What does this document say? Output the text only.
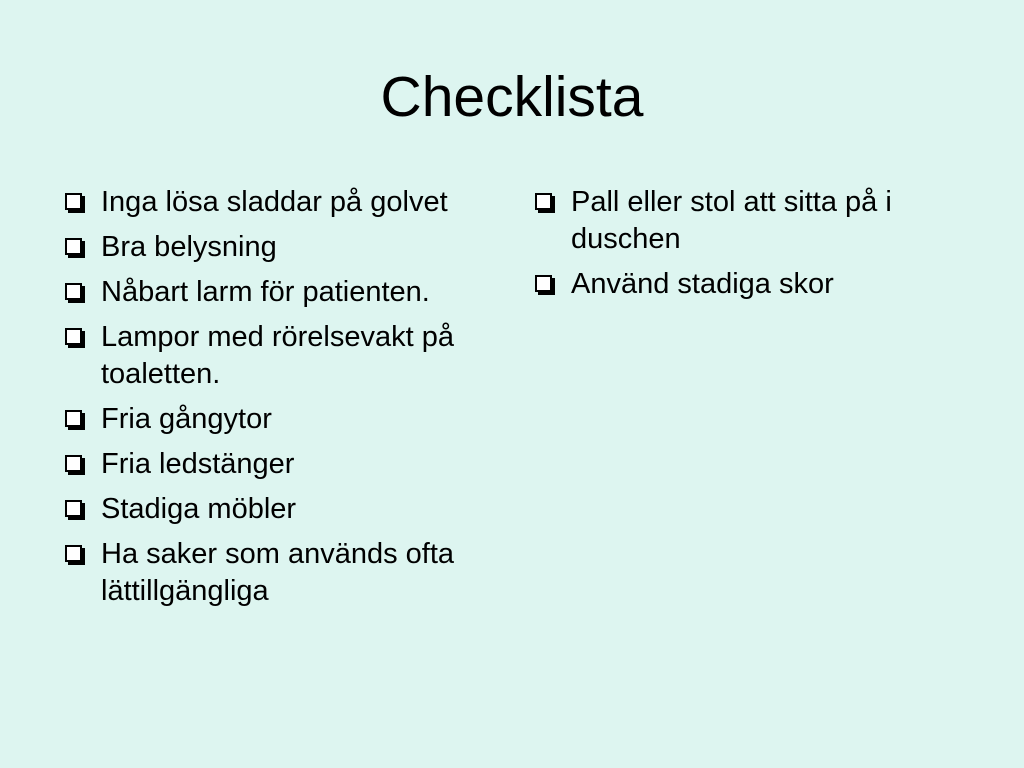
Checklista
Inga lösa sladdar på golvet
Bra belysning
Nåbart larm för patienten.
Lampor med rörelsevakt på toaletten.
Fria gångytor
Fria ledstänger
Stadiga möbler
Ha saker som används ofta lättillgängliga
Pall eller stol att sitta på i duschen
Använd stadiga skor
